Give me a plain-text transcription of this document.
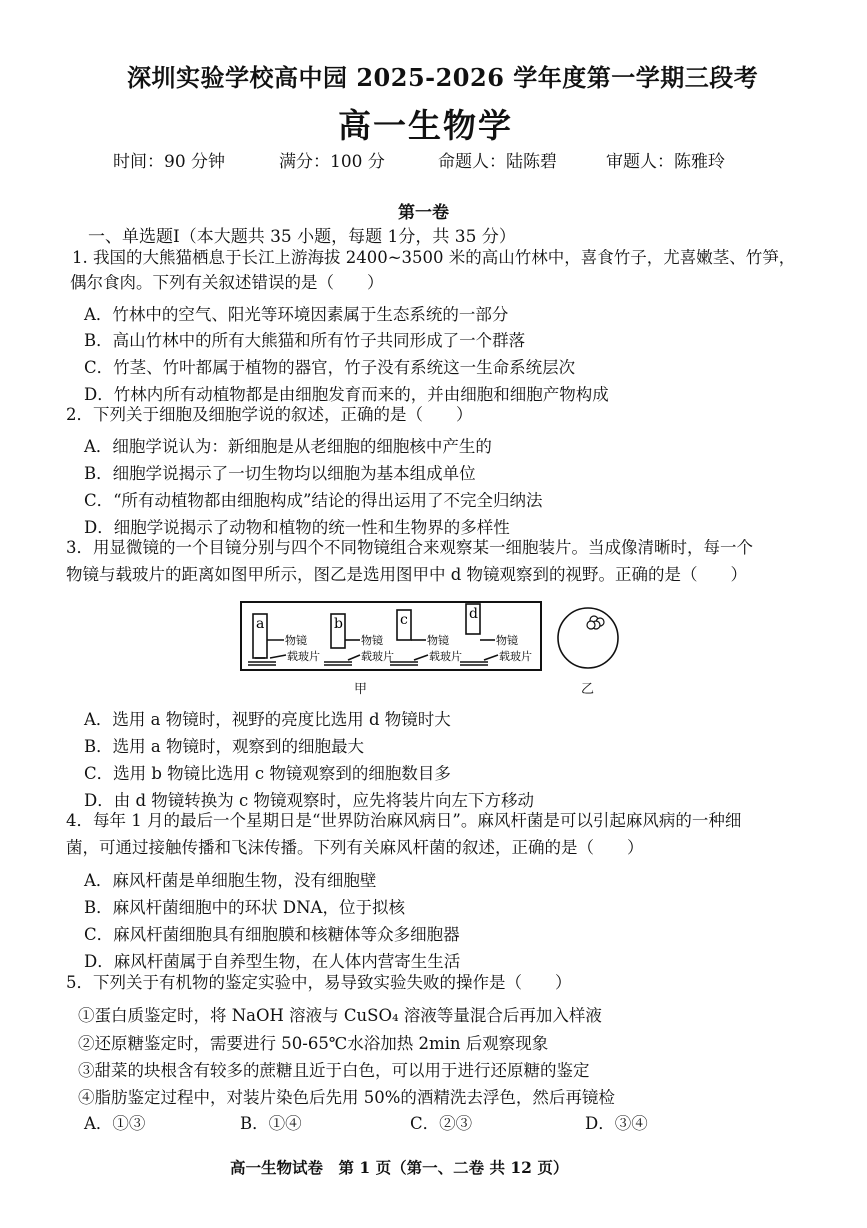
深圳实验学校高中园 2025-2026 学年度第一学期三段考
高一生物学
时间：90 分钟	满分：100 分	命题人：陆陈碧	审题人：陈雅玲
第一卷
一、单选题Ⅰ（本大题共 35 小题，每题 1分，共 35 分）
1. 我国的大熊猫栖息于长江上游海拔 2400~3500 米的高山竹林中，喜食竹子，尤喜嫩茎、竹笋，
偶尔食肉。下列有关叙述错误的是（　　）
A．竹林中的空气、阳光等环境因素属于生态系统的一部分
B．高山竹林中的所有大熊猫和所有竹子共同形成了一个群落
C．竹茎、竹叶都属于植物的器官，竹子没有系统这一生命系统层次
D．竹林内所有动植物都是由细胞发育而来的，并由细胞和细胞产物构成
2．下列关于细胞及细胞学说的叙述，正确的是（　　）
A．细胞学说认为：新细胞是从老细胞的细胞核中产生的
B．细胞学说揭示了一切生物均以细胞为基本组成单位
C．“所有动植物都由细胞构成”结论的得出运用了不完全归纳法
D．细胞学说揭示了动物和植物的统一性和生物界的多样性
3．用显微镜的一个目镜分别与四个不同物镜组合来观察某一细胞装片。当成像清晰时，每一个
物镜与载玻片的距离如图甲所示，图乙是选用图甲中 d 物镜观察到的视野。正确的是（　　）
a	b	c	d
物镜
载玻片
物镜
载玻片
物镜
载玻片
物镜
载玻片
甲	乙
A．选用 a 物镜时，视野的亮度比选用 d 物镜时大
B．选用 a 物镜时，观察到的细胞最大
C．选用 b 物镜比选用 c 物镜观察到的细胞数目多
D．由 d 物镜转换为 c 物镜观察时，应先将装片向左下方移动
4．每年 1 月的最后一个星期日是“世界防治麻风病日”。麻风杆菌是可以引起麻风病的一种细
菌，可通过接触传播和飞沫传播。下列有关麻风杆菌的叙述，正确的是（　　）
A．麻风杆菌是单细胞生物，没有细胞壁
B．麻风杆菌细胞中的环状 DNA，位于拟核
C．麻风杆菌细胞具有细胞膜和核糖体等众多细胞器
D．麻风杆菌属于自养型生物，在人体内营寄生生活
5．下列关于有机物的鉴定实验中，易导致实验失败的操作是（　　）
①蛋白质鉴定时，将 NaOH 溶液与 CuSO₄ 溶液等量混合后再加入样液
②还原糖鉴定时，需要进行 50-65℃水浴加热 2min 后观察现象
③甜菜的块根含有较多的蔗糖且近于白色，可以用于进行还原糖的鉴定
④脂肪鉴定过程中，对装片染色后先用 50%的酒精洗去浮色，然后再镜检
A．①③	B．①④	C．②③	D．③④
高一生物试卷　第 1 页（第一、二卷 共 12 页）
